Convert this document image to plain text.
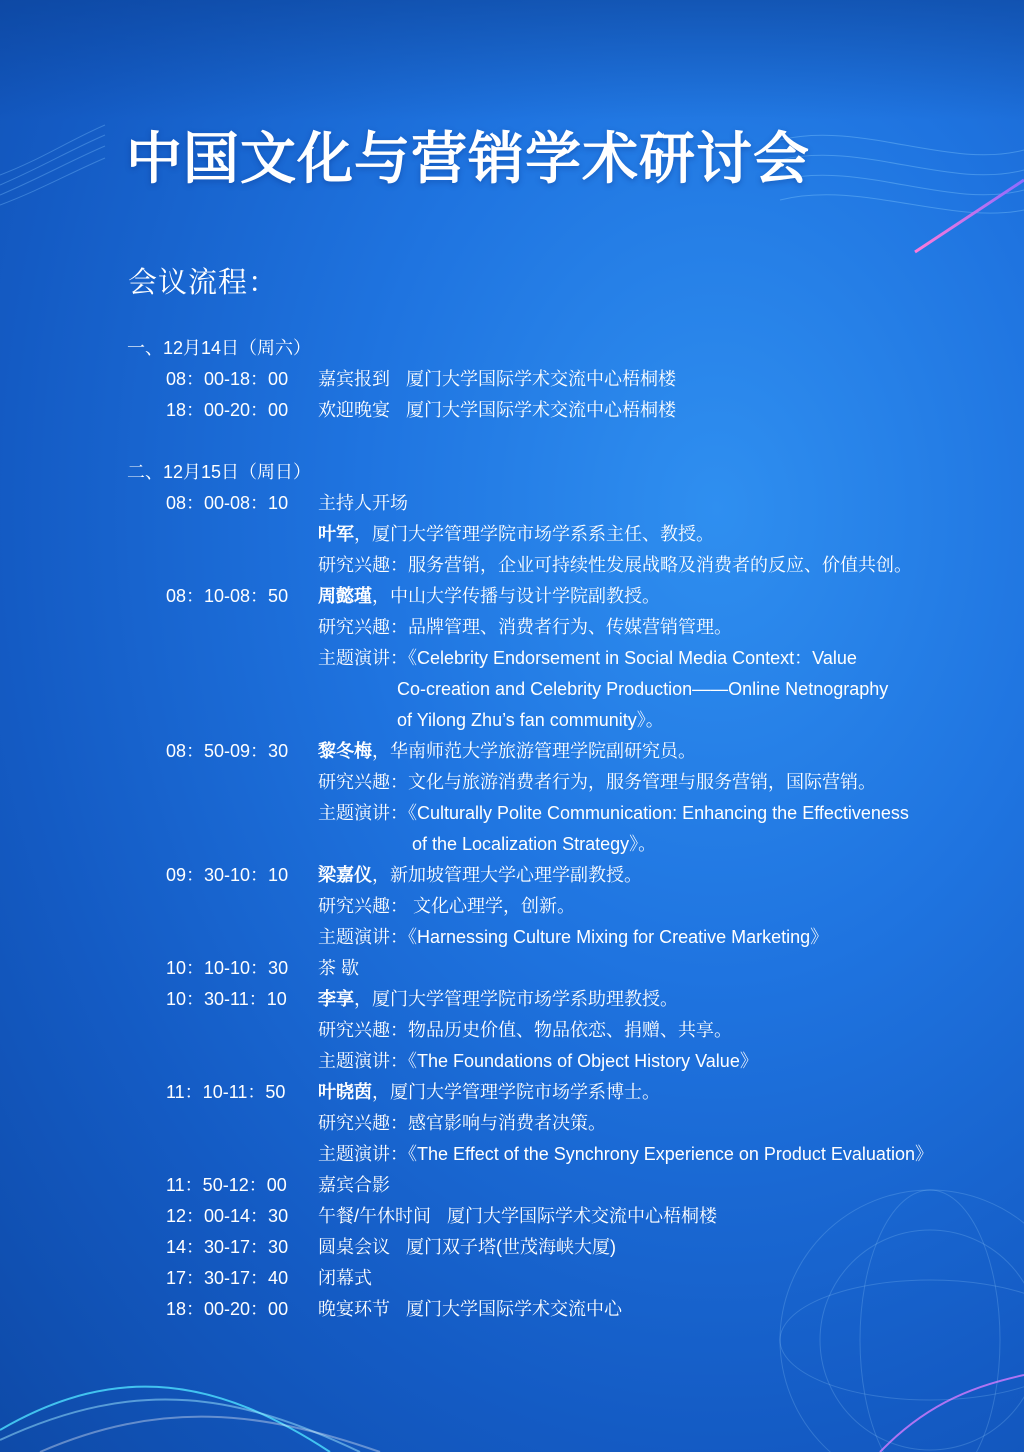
中国文化与营销学术研讨会
会议流程：
一、12月14日（周六）
08：00-18：00 嘉宾报到 厦门大学国际学术交流中心梧桐楼
18：00-20：00 欢迎晚宴 厦门大学国际学术交流中心梧桐楼
二、12月15日（周日）
08：00-08：10 主持人开场
叶军，厦门大学管理学院市场学系系主任、教授。
研究兴趣：服务营销，企业可持续性发展战略及消费者的反应、价值共创。
08：10-08：50 周懿瑾，中山大学传播与设计学院副教授。
研究兴趣：品牌管理、消费者行为、传媒营销管理。
主题演讲：《Celebrity Endorsement in Social Media Context：Value
Co-creation and Celebrity Production——Online Netnography
of Yilong Zhu’s fan community》。
08：50-09：30 黎冬梅，华南师范大学旅游管理学院副研究员。
研究兴趣：文化与旅游消费者行为，服务管理与服务营销，国际营销。
主题演讲：《Culturally Polite Communication: Enhancing the Effectiveness
of the Localization Strategy》。
09：30-10：10 梁嘉仪，新加坡管理大学心理学副教授。
研究兴趣： 文化心理学，创新。
主题演讲：《Harnessing Culture Mixing for Creative Marketing》
10：10-10：30 茶 歇
10：30-11：10 李享，厦门大学管理学院市场学系助理教授。
研究兴趣：物品历史价值、物品依恋、捐赠、共享。
主题演讲：《The Foundations of Object History Value》
11：10-11：50 叶晓茵，厦门大学管理学院市场学系博士。
研究兴趣：感官影响与消费者决策。
主题演讲：《The Effect of the Synchrony Experience on Product Evaluation》
11：50-12：00 嘉宾合影
12：00-14：30 午餐/午休时间 厦门大学国际学术交流中心梧桐楼
14：30-17：30 圆桌会议 厦门双子塔(世茂海峡大厦)
17：30-17：40 闭幕式
18：00-20：00 晚宴环节 厦门大学国际学术交流中心
